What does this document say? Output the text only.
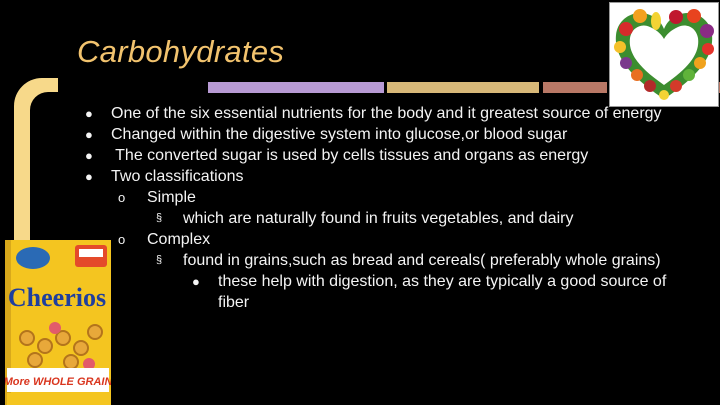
Carbohydrates
Cheerios
More WHOLE GRAIN
● One of the six essential nutrients for the body and it greatest source of energy
● Changed within the digestive system into glucose,or blood sugar
● The converted sugar is used by cells tissues and organs as energy
● Two classifications
o Simple
§ which are naturally found in fruits vegetables, and dairy
o Complex
§ found in grains,such as bread and cereals( preferably whole grains)
● these help with digestion, as they are typically a good source of fiber
